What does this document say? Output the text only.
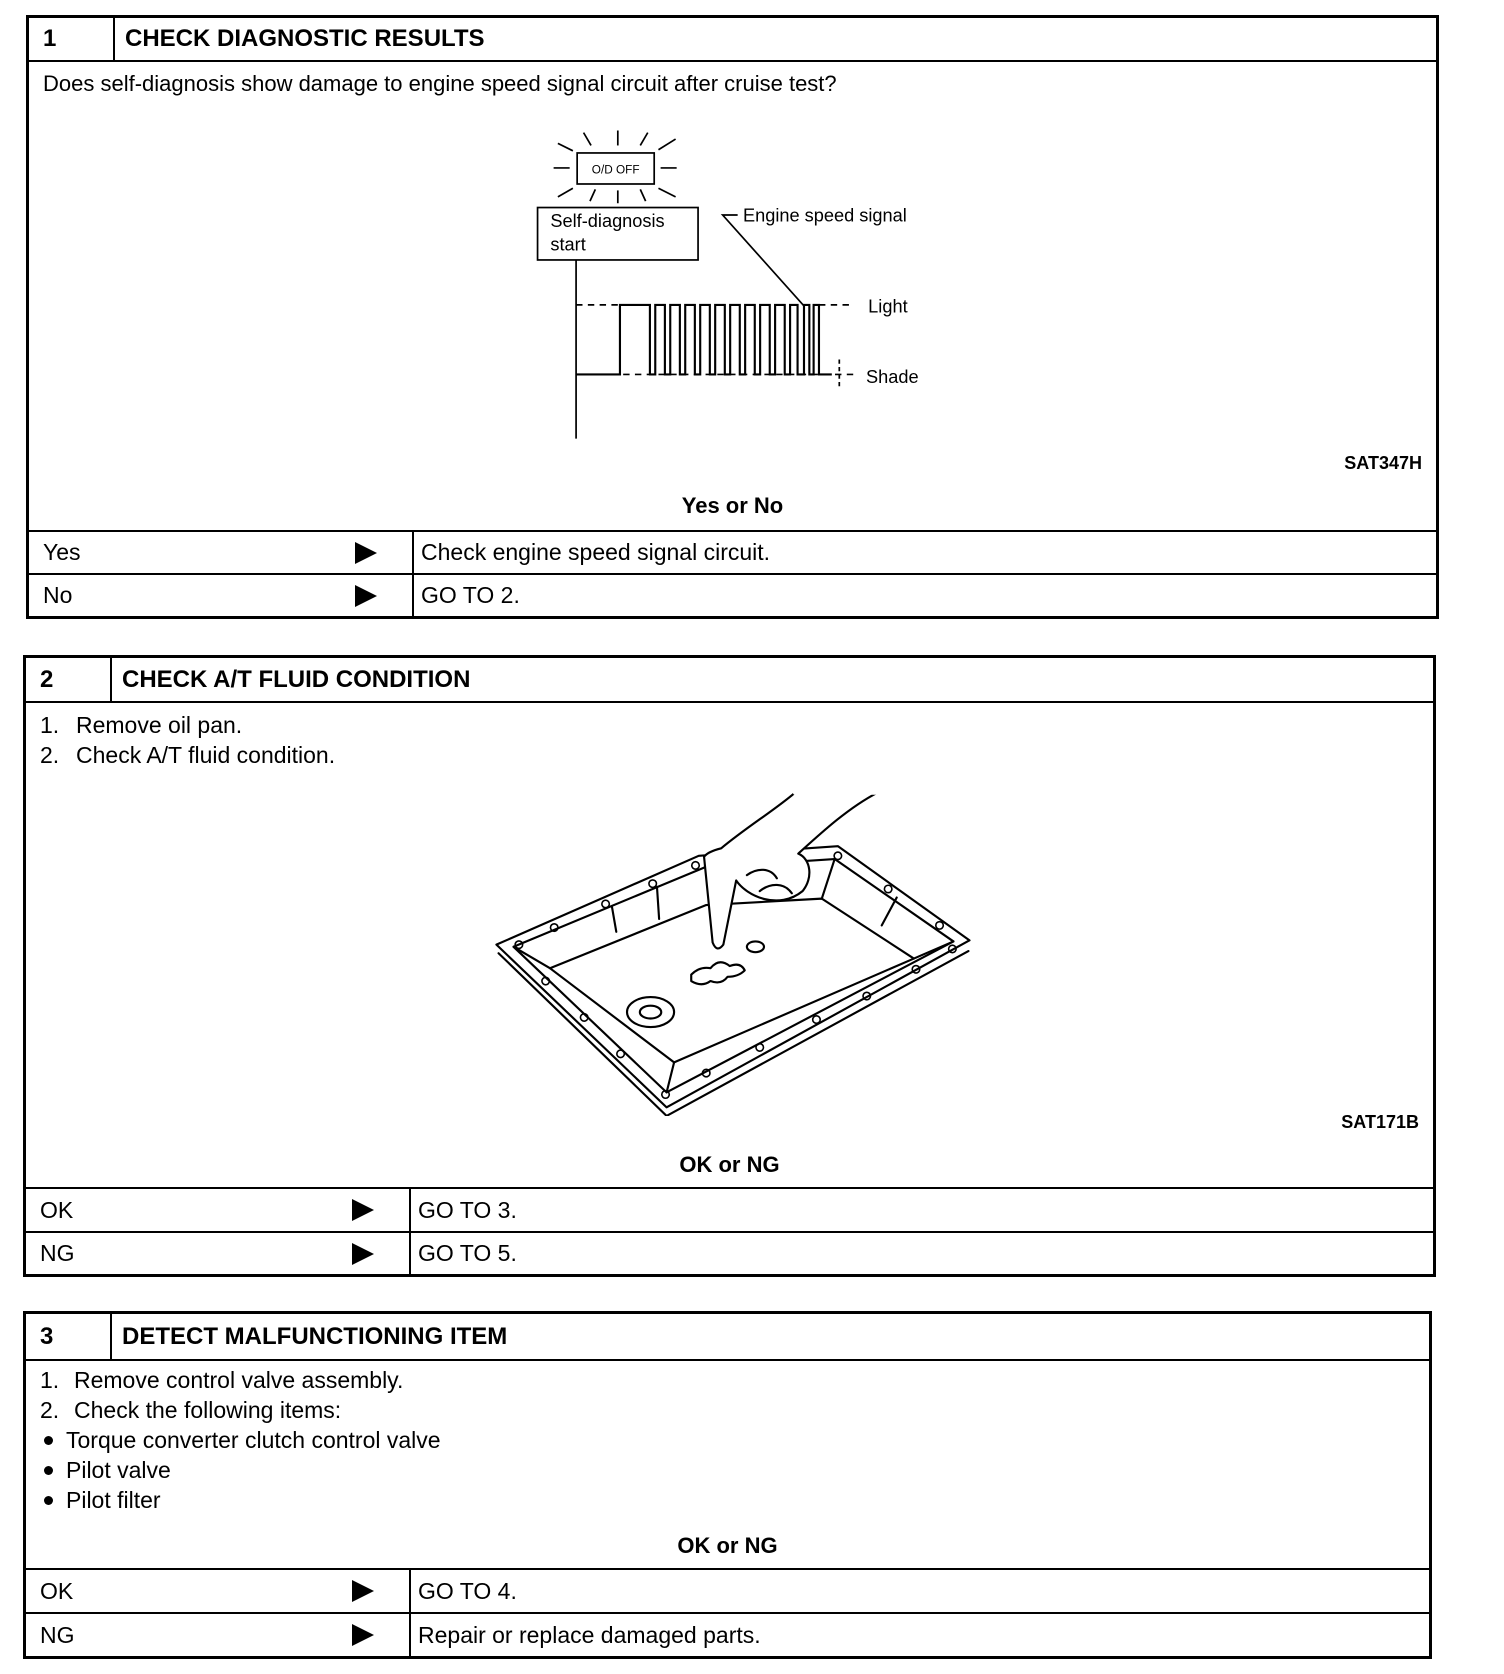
1	CHECK DIAGNOSTIC RESULTS
Does self-diagnosis show damage to engine speed signal circuit after cruise test?
O/D OFF
Self-diagnosis
start
Engine speed signal
Light
Shade
SAT347H
Yes or No
Yes	Check engine speed signal circuit.
No	GO TO 2.
2	CHECK A/T FLUID CONDITION
1. Remove oil pan.
2. Check A/T fluid condition.
SAT171B
OK or NG
OK	GO TO 3.
NG	GO TO 5.
3	DETECT MALFUNCTIONING ITEM
1. Remove control valve assembly.
2. Check the following items:
Torque converter clutch control valve
Pilot valve
Pilot filter
OK or NG
OK	GO TO 4.
NG	Repair or replace damaged parts.
